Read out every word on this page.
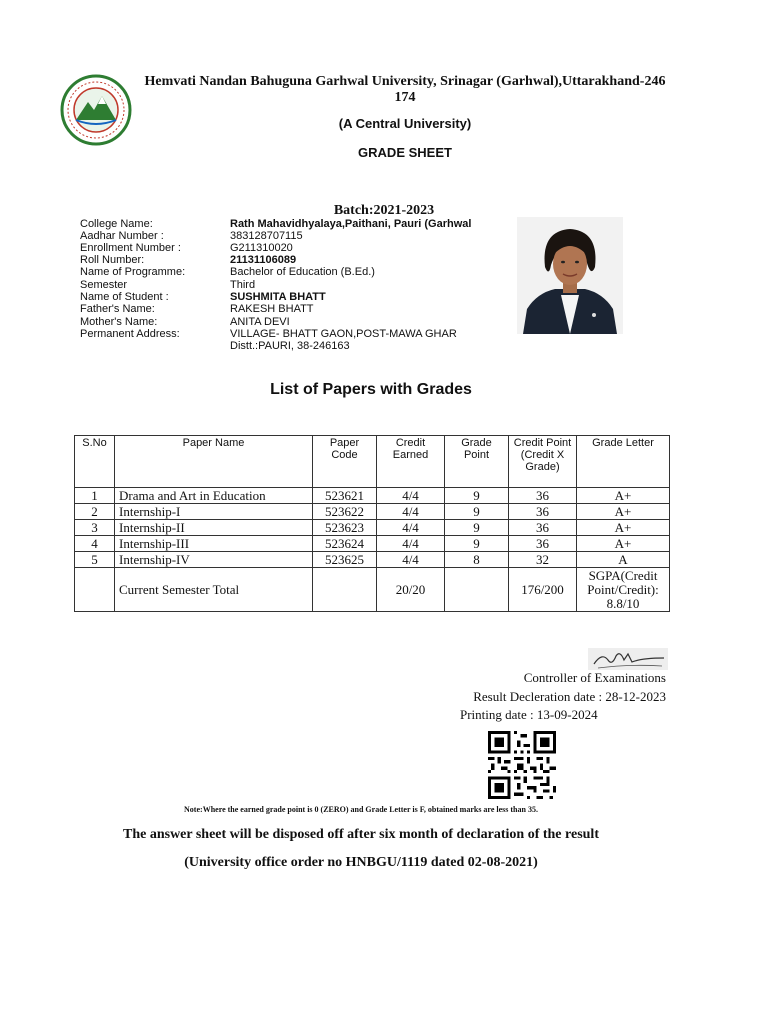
Hemvati Nandan Bahuguna Garhwal University, Srinagar (Garhwal),Uttarakhand-246 174
(A Central University)
GRADE SHEET
Batch:2021-2023
College Name:	Rath Mahavidhyalaya,Paithani, Pauri (Garhwal
Aadhar Number :	383128707115
Enrollment Number :	G211310020
Roll Number:	21131106089
Name of Programme:	Bachelor of Education (B.Ed.)
Semester	Third
Name of Student :	SUSHMITA BHATT
Father's Name:	RAKESH BHATT
Mother's Name:	ANITA DEVI
Permanent Address:	VILLAGE- BHATT GAON,POST-MAWA GHAR
Distt.:PAURI, 38-246163
List of Papers with Grades
S.No	Paper Name	Paper Code	Credit Earned	Grade Point	Credit Point (Credit X Grade)	Grade Letter
1	Drama and Art in Education	523621	4/4	9	36	A+
2	Internship-I	523622	4/4	9	36	A+
3	Internship-II	523623	4/4	9	36	A+
4	Internship-III	523624	4/4	9	36	A+
5	Internship-IV	523625	4/4	8	32	A
	Current Semester Total		20/20		176/200	SGPA(Credit Point/Credit): 8.8/10
Controller of Examinations
Result Decleration date : 28-12-2023
Printing date : 13-09-2024
Note:Where the earned grade point is 0 (ZERO) and Grade Letter is F, obtained marks are less than 35.
The answer sheet will be disposed off after six month of declaration of the result
(University office order no HNBGU/1119 dated 02-08-2021)
